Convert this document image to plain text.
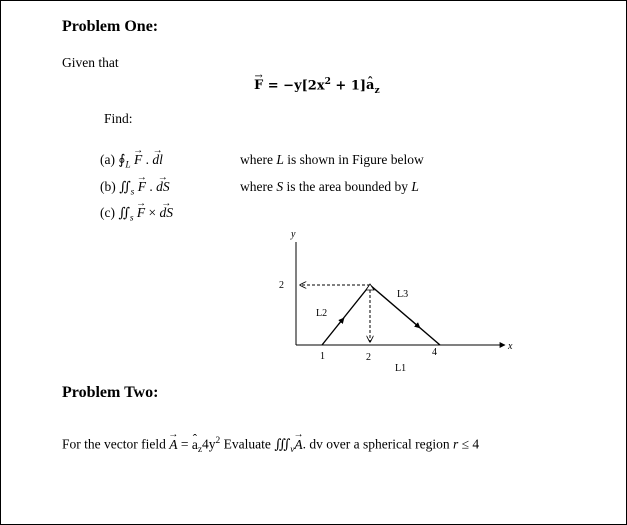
Problem One:
Given that
→ $F = -y[2x^2$ + 1]ˆ $a_z$
Find:
(a) $∮_L \to F$ . → dl	where L is shown in Figure below
(b) $∬_s \to F$ . → dS	where S is the area bounded by L
(c) $∬_s \to F$ × → dS
y
x
2
1	2	4
L1
L2
L3
Problem Two:
For the vector field → A = ˆ $a_z4y^2$ Evaluate $∭_v\to A$. dv over a spherical region r ≤ 4
